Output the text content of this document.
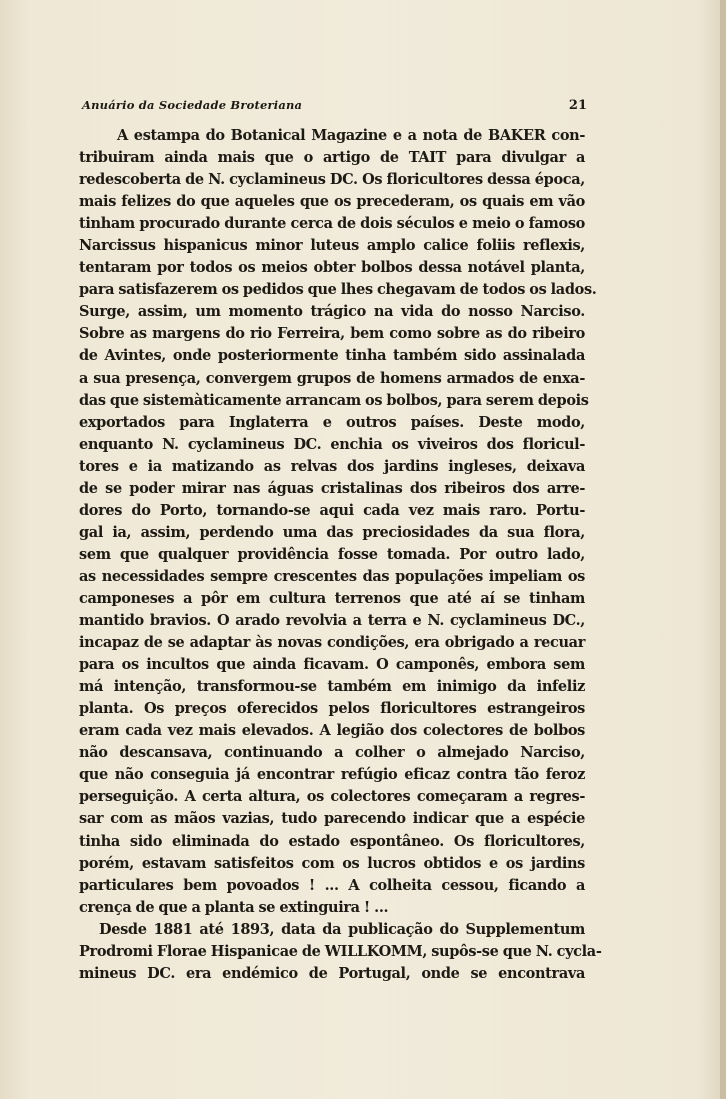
Anuário da Sociedade Broteriana	21
A estampa do Botanical Magazine e a nota de BAKER con-
tribuiram ainda mais que o artigo de TAIT para divulgar a
redescoberta de N. cyclamineus DC. Os floricultores dessa época,
mais felizes do que aqueles que os precederam, os quais em vão
tinham procurado durante cerca de dois séculos e meio o famoso
Narcissus hispanicus minor luteus amplo calice foliis reflexis,
tentaram por todos os meios obter bolbos dessa notável planta,
para satisfazerem os pedidos que lhes chegavam de todos os lados.
Surge, assim, um momento trágico na vida do nosso Narciso.
Sobre as margens do rio Ferreira, bem como sobre as do ribeiro
de Avintes, onde posteriormente tinha também sido assinalada
a sua presença, convergem grupos de homens armados de enxa-
das que sistemàticamente arrancam os bolbos, para serem depois
exportados para Inglaterra e outros países. Deste modo,
enquanto N. cyclamineus DC. enchia os viveiros dos floricul-
tores e ia matizando as relvas dos jardins ingleses, deixava
de se poder mirar nas águas cristalinas dos ribeiros dos arre-
dores do Porto, tornando-se aqui cada vez mais raro. Portu-
gal ia, assim, perdendo uma das preciosidades da sua flora,
sem que qualquer providência fosse tomada. Por outro lado,
as necessidades sempre crescentes das populações impeliam os
camponeses a pôr em cultura terrenos que até aí se tinham
mantido bravios. O arado revolvia a terra e N. cyclamineus DC.,
incapaz de se adaptar às novas condições, era obrigado a recuar
para os incultos que ainda ficavam. O camponês, embora sem
má intenção, transformou-se também em inimigo da infeliz
planta. Os preços oferecidos pelos floricultores estrangeiros
eram cada vez mais elevados. A legião dos colectores de bolbos
não descansava, continuando a colher o almejado Narciso,
que não conseguia já encontrar refúgio eficaz contra tão feroz
perseguição. A certa altura, os colectores começaram a regres-
sar com as mãos vazias, tudo parecendo indicar que a espécie
tinha sido eliminada do estado espontâneo. Os floricultores,
porém, estavam satisfeitos com os lucros obtidos e os jardins
particulares bem povoados ! ... A colheita cessou, ficando a
crença de que a planta se extinguira ! ...
Desde 1881 até 1893, data da publicação do Supplementum
Prodromi Florae Hispanicae de WILLKOMM, supôs-se que N. cycla-
mineus DC. era endémico de Portugal, onde se encontrava
